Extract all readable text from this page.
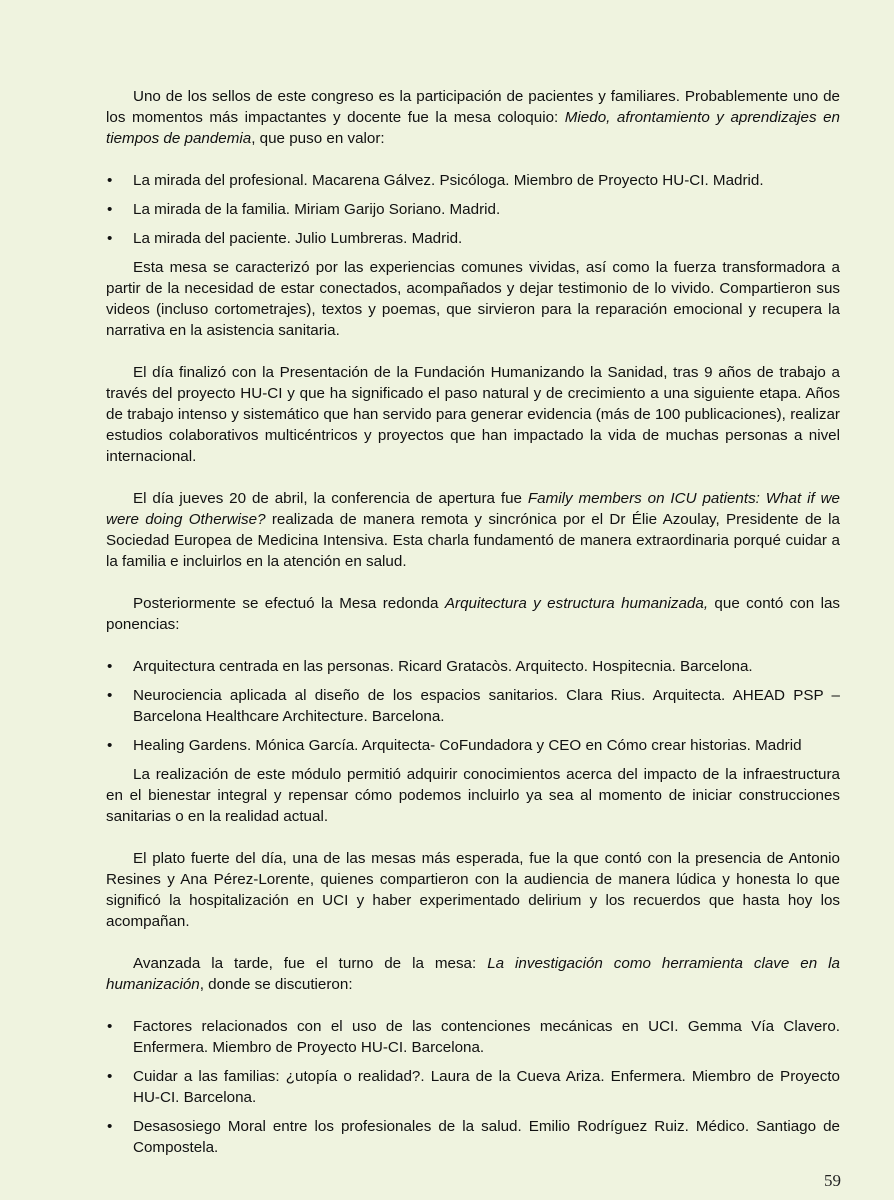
Uno de los sellos de este congreso es la participación de pacientes y familiares. Probablemente uno de los momentos más impactantes y docente fue la mesa coloquio: Miedo, afrontamiento y aprendizajes en tiempos de pandemia, que puso en valor:

• La mirada del profesional. Macarena Gálvez. Psicóloga. Miembro de Proyecto HU-CI. Madrid.
• La mirada de la familia. Miriam Garijo Soriano. Madrid.
• La mirada del paciente. Julio Lumbreras. Madrid.

Esta mesa se caracterizó por las experiencias comunes vividas, así como la fuerza transformadora a partir de la necesidad de estar conectados, acompañados y dejar testimonio de lo vivido. Compartieron sus videos (incluso cortometrajes), textos y poemas, que sirvieron para la reparación emocional y recupera la narrativa en la asistencia sanitaria.

El día finalizó con la Presentación de la Fundación Humanizando la Sanidad, tras 9 años de trabajo a través del proyecto HU-CI y que ha significado el paso natural y de crecimiento a una siguiente etapa. Años de trabajo intenso y sistemático que han servido para generar evidencia (más de 100 publicaciones), realizar estudios colaborativos multicéntricos y proyectos que han impactado la vida de muchas personas a nivel internacional.

El día jueves 20 de abril, la conferencia de apertura fue Family members on ICU patients: What if we were doing Otherwise? realizada de manera remota y sincrónica por el Dr Élie Azoulay, Presidente de la Sociedad Europea de Medicina Intensiva. Esta charla fundamentó de manera extraordinaria porqué cuidar a la familia e incluirlos en la atención en salud.

Posteriormente se efectuó la Mesa redonda Arquitectura y estructura humanizada, que contó con las ponencias:

• Arquitectura centrada en las personas. Ricard Gratacòs. Arquitecto. Hospitecnia. Barcelona.
• Neurociencia aplicada al diseño de los espacios sanitarios. Clara Rius. Arquitecta. AHEAD PSP – Barcelona Healthcare Architecture. Barcelona.
• Healing Gardens. Mónica García. Arquitecta- CoFundadora y CEO en Cómo crear historias. Madrid

La realización de este módulo permitió adquirir conocimientos acerca del impacto de la infraestructura en el bienestar integral y repensar cómo podemos incluirlo ya sea al momento de iniciar construcciones sanitarias o en la realidad actual.

El plato fuerte del día, una de las mesas más esperada, fue la que contó con la presencia de Antonio Resines y Ana Pérez-Lorente, quienes compartieron con la audiencia de manera lúdica y honesta lo que significó la hospitalización en UCI y haber experimentado delirium y los recuerdos que hasta hoy los acompañan.

Avanzada la tarde, fue el turno de la mesa: La investigación como herramienta clave en la humanización, donde se discutieron:

• Factores relacionados con el uso de las contenciones mecánicas en UCI. Gemma Vía Clavero. Enfermera. Miembro de Proyecto HU-CI. Barcelona.
• Cuidar a las familias: ¿utopía o realidad?. Laura de la Cueva Ariza. Enfermera. Miembro de Proyecto HU-CI. Barcelona.
• Desasosiego Moral entre los profesionales de la salud. Emilio Rodríguez Ruiz. Médico. Santiago de Compostela.
59
